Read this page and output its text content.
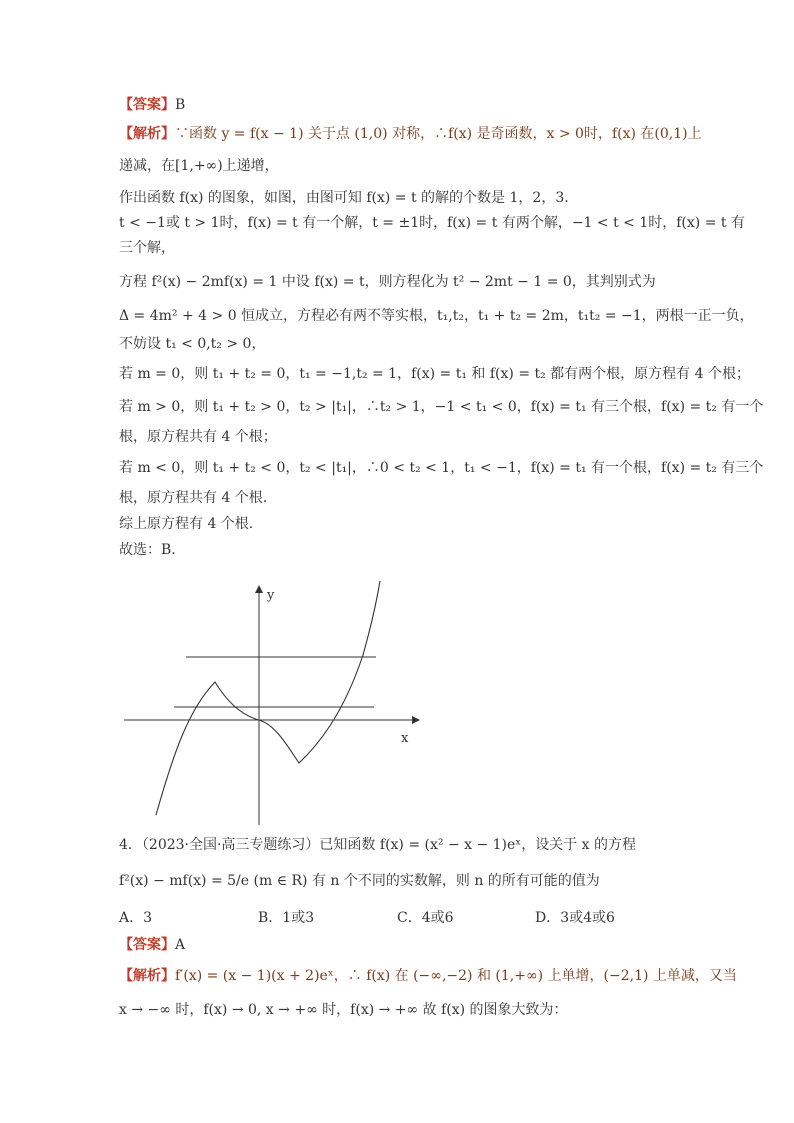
【答案】B
【解析】∵函数 y = f(x − 1) 关于点 (1,0) 对称，∴f(x) 是奇函数，x > 0时，f(x) 在(0,1)上
递减，在[1,+∞)上递增，
作出函数 f(x) 的图象，如图，由图可知 f(x) = t 的解的个数是 1，2，3.
t < −1或 t > 1时，f(x) = t 有一个解，t = ±1时，f(x) = t 有两个解，−1 < t < 1时，f(x) = t 有
三个解，
方程 f²(x) − 2mf(x) = 1 中设 f(x) = t，则方程化为 t² − 2mt − 1 = 0，其判别式为
Δ = 4m² + 4 > 0 恒成立，方程必有两不等实根，t₁,t₂，t₁ + t₂ = 2m，t₁t₂ = −1，两根一正一负，
不妨设 t₁ < 0,t₂ > 0，
若 m = 0，则 t₁ + t₂ = 0，t₁ = −1,t₂ = 1，f(x) = t₁ 和 f(x) = t₂ 都有两个根，原方程有 4 个根；
若 m > 0，则 t₁ + t₂ > 0，t₂ > |t₁|，∴t₂ > 1，−1 < t₁ < 0，f(x) = t₁ 有三个根，f(x) = t₂ 有一个
根，原方程共有 4 个根；
若 m < 0，则 t₁ + t₂ < 0，t₂ < |t₁|，∴0 < t₂ < 1，t₁ < −1，f(x) = t₁ 有一个根，f(x) = t₂ 有三个
根，原方程共有 4 个根.
综上原方程有 4 个根.
故选：B.
y
x
4．（2023·全国·高三专题练习）已知函数 f(x) = (x² − x − 1)eˣ，设关于 x 的方程
f²(x) − mf(x) = 5/e (m ∈ R) 有 n 个不同的实数解，则 n 的所有可能的值为
A．3	B．1或3	C．4或6	D．3或4或6
【答案】A
【解析】f′(x) = (x − 1)(x + 2)eˣ，∴ f(x) 在 (−∞,−2) 和 (1,+∞) 上单增，(−2,1) 上单减，又当
x → −∞ 时，f(x) → 0, x → +∞ 时，f(x) → +∞ 故 f(x) 的图象大致为：
